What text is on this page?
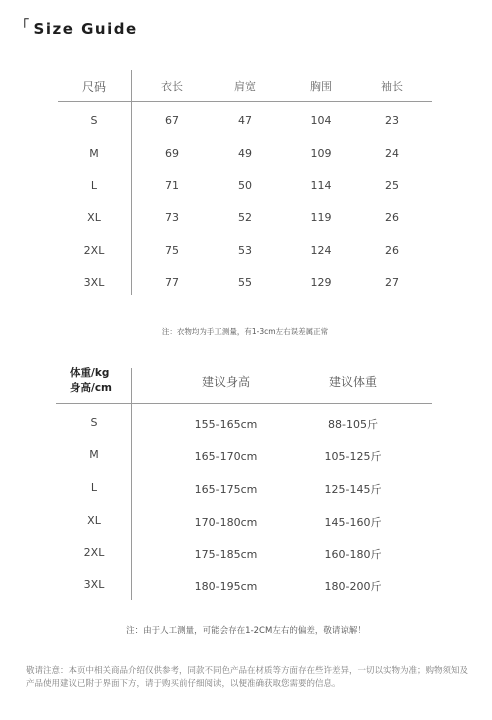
「 Size Guide
尺码	衣长	肩宽	胸围	袖长
S	67	47	104	23
M	69	49	109	24
L	71	50	114	25
XL	73	52	119	26
2XL	75	53	124	26
3XL	77	55	129	27
注：衣物均为手工测量，有1-3cm左右误差属正常
体重/kg
身高/cm	建议身高	建议体重
S	155-165cm	88-105斤
M	165-170cm	105-125斤
L	165-175cm	125-145斤
XL	170-180cm	145-160斤
2XL	175-185cm	160-180斤
3XL	180-195cm	180-200斤
注：由于人工测量，可能会存在1-2CM左右的偏差，敬请谅解！
敬请注意：本页中相关商品介绍仅供参考，同款不同色产品在材质等方面存在些许差异，一切以实物为准；购物须知及产品使用建议已附于界面下方，请于购买前仔细阅读，以便准确获取您需要的信息。
